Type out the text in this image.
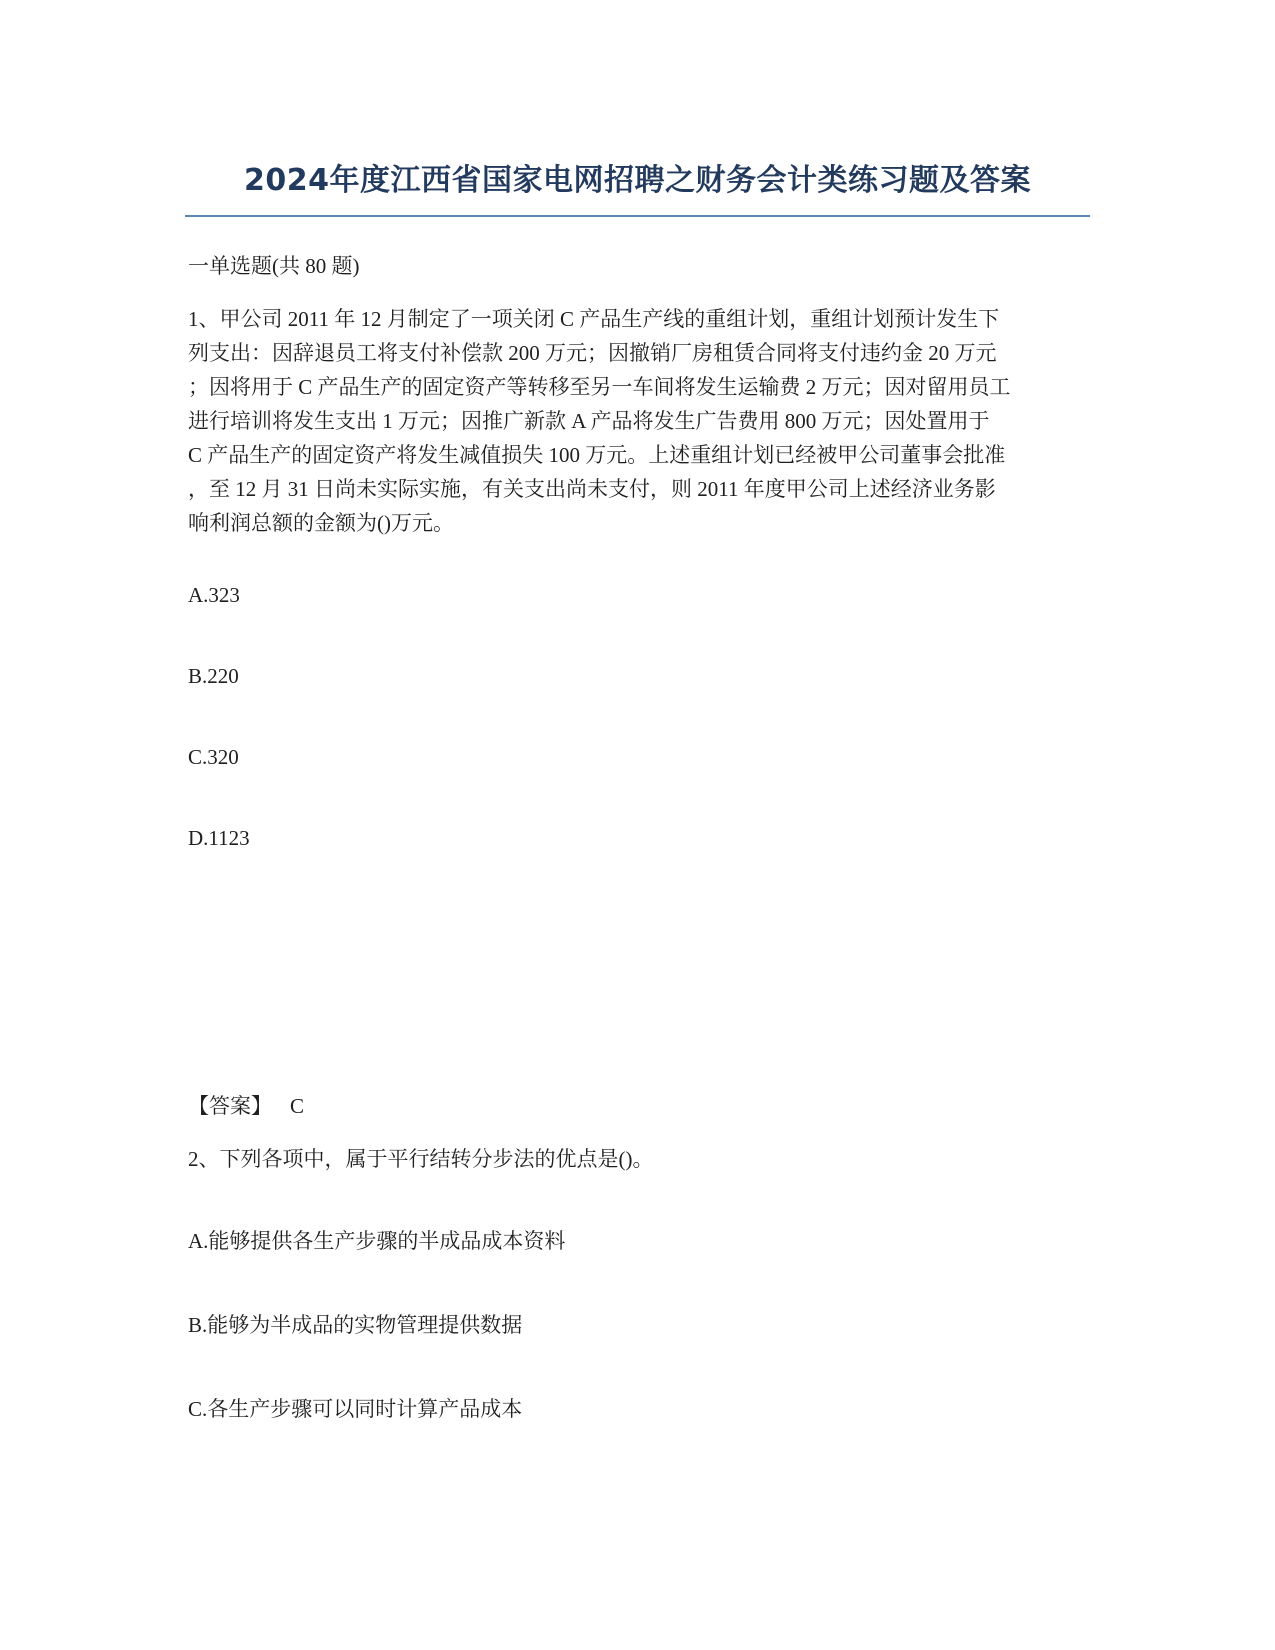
2024年度江西省国家电网招聘之财务会计类练习题及答案
一单选题(共 80 题)
1、甲公司 2011 年 12 月制定了一项关闭 C 产品生产线的重组计划，重组计划预计发生下
列支出：因辞退员工将支付补偿款 200 万元；因撤销厂房租赁合同将支付违约金 20 万元
；因将用于 C 产品生产的固定资产等转移至另一车间将发生运输费 2 万元；因对留用员工
进行培训将发生支出 1 万元；因推广新款 A 产品将发生广告费用 800 万元；因处置用于
C 产品生产的固定资产将发生减值损失 100 万元。上述重组计划已经被甲公司董事会批准
，至 12 月 31 日尚未实际实施，有关支出尚未支付，则 2011 年度甲公司上述经济业务影
响利润总额的金额为()万元。
A.323
B.220
C.320
D.1123
【答案】 C
2、下列各项中，属于平行结转分步法的优点是()。
A.能够提供各生产步骤的半成品成本资料
B.能够为半成品的实物管理提供数据
C.各生产步骤可以同时计算产品成本
